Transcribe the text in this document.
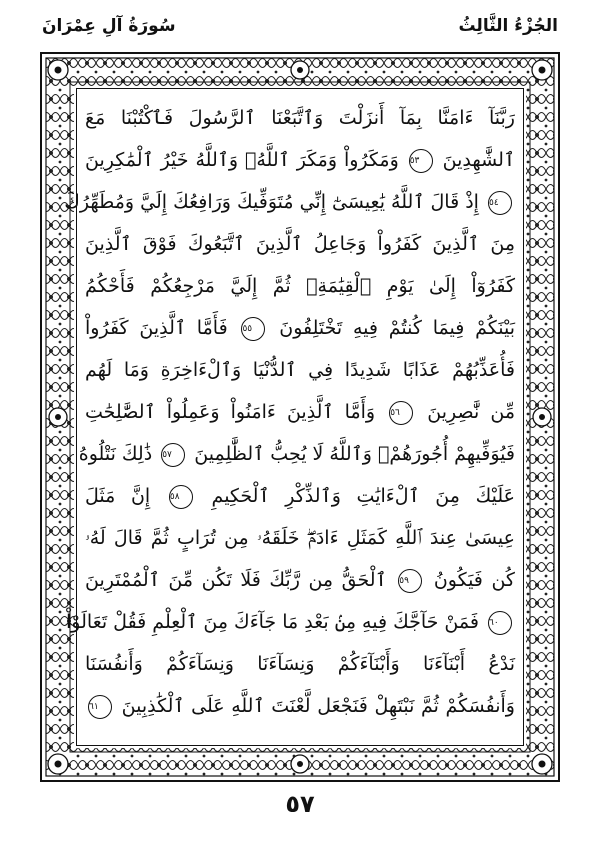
الجُزْءُ الثَّالِثُ
سُورَةُ آلِ عِمْرَانَ
رَبَّنَآ ءَامَنَّا بِمَآ أَنزَلْتَ وَٱتَّبَعْنَا ٱلرَّسُولَ فَٱكْتُبْنَا مَعَ
ٱلشَّٰهِدِينَ ٥٣ وَمَكَرُواْ وَمَكَرَ ٱللَّهُۖ وَٱللَّهُ خَيْرُ ٱلْمَٰكِرِينَ
٥٤ إِذْ قَالَ ٱللَّهُ يَٰعِيسَىٰٓ إِنِّي مُتَوَفِّيكَ وَرَافِعُكَ إِلَيَّ وَمُطَهِّرُكَ
مِنَ ٱلَّذِينَ كَفَرُواْ وَجَاعِلُ ٱلَّذِينَ ٱتَّبَعُوكَ فَوْقَ ٱلَّذِينَ
كَفَرُوٓاْ إِلَىٰ يَوْمِ ٱلْقِيَٰمَةِۖ ثُمَّ إِلَيَّ مَرْجِعُكُمْ فَأَحْكُمُ
بَيْنَكُمْ فِيمَا كُنتُمْ فِيهِ تَخْتَلِفُونَ ٥٥ فَأَمَّا ٱلَّذِينَ كَفَرُواْ
فَأُعَذِّبُهُمْ عَذَابًا شَدِيدًا فِي ٱلدُّنْيَا وَٱلْءَاخِرَةِ وَمَا لَهُم
مِّن نَّٰصِرِينَ ٥٦ وَأَمَّا ٱلَّذِينَ ءَامَنُواْ وَعَمِلُواْ ٱلصَّٰلِحَٰتِ
فَيُوَفِّيهِمْ أُجُورَهُمْۗ وَٱللَّهُ لَا يُحِبُّ ٱلظَّٰلِمِينَ ٥٧ ذَٰلِكَ نَتْلُوهُ
عَلَيْكَ مِنَ ٱلْءَايَٰتِ وَٱلذِّكْرِ ٱلْحَكِيمِ ٥٨ إِنَّ مَثَلَ
عِيسَىٰ عِندَ ٱللَّهِ كَمَثَلِ ءَادَمَۖ خَلَقَهُۥ مِن تُرَابٍ ثُمَّ قَالَ لَهُۥ
كُن فَيَكُونُ ٥٩ ٱلْحَقُّ مِن رَّبِّكَ فَلَا تَكُن مِّنَ ٱلْمُمْتَرِينَ
٦٠ فَمَنْ حَآجَّكَ فِيهِ مِنۢ بَعْدِ مَا جَآءَكَ مِنَ ٱلْعِلْمِ فَقُلْ تَعَالَوْاْ
نَدْعُ أَبْنَآءَنَا وَأَبْنَآءَكُمْ وَنِسَآءَنَا وَنِسَآءَكُمْ وَأَنفُسَنَا
وَأَنفُسَكُمْ ثُمَّ نَبْتَهِلْ فَنَجْعَل لَّعْنَتَ ٱللَّهِ عَلَى ٱلْكَٰذِبِينَ ٦١
٥٧
